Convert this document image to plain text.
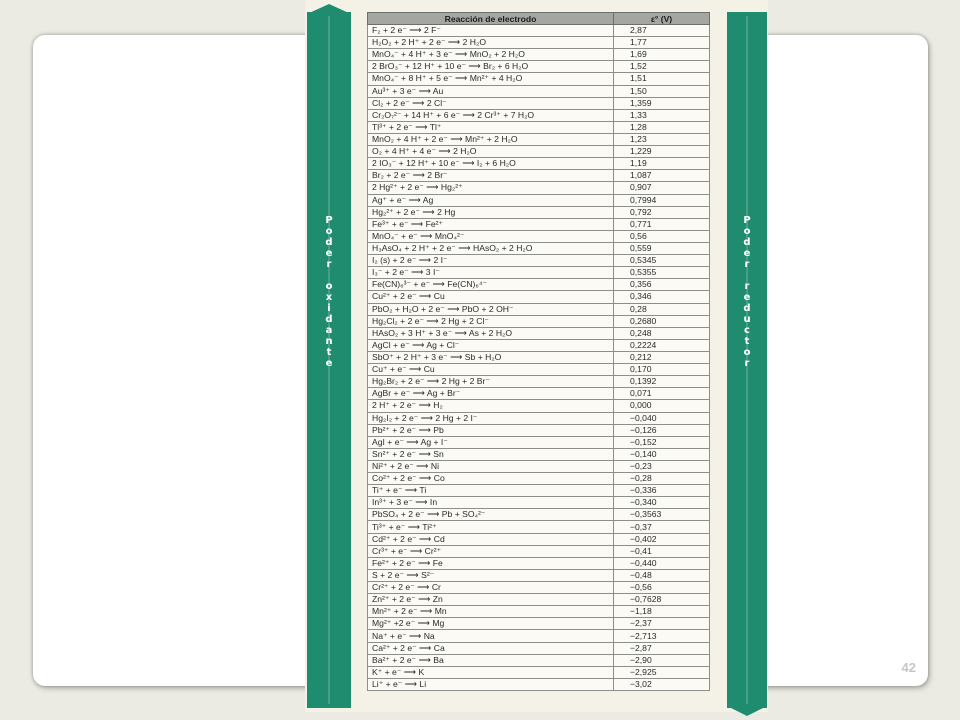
42
P
o
d
e
r

o
x
i
d
a
n
t
e
P
o
d
e
r

r
e
d
u
c
t
o
r
Reacción de electrodo	ε° (V)
F₂ + 2 e⁻ ⟶ 2 F⁻	2,87
H₂O₂ + 2 H⁺ + 2 e⁻ ⟶ 2 H₂O	1,77
MnO₄⁻ + 4 H⁺ + 3 e⁻ ⟶ MnO₂ + 2 H₂O	1,69
2 BrO₃⁻ + 12 H⁺ + 10 e⁻ ⟶ Br₂ + 6 H₂O	1,52
MnO₄⁻ + 8 H⁺ + 5 e⁻ ⟶ Mn²⁺ + 4 H₂O	1,51
Au³⁺ + 3 e⁻ ⟶ Au	1,50
Cl₂ + 2 e⁻ ⟶ 2 Cl⁻	1,359
Cr₂O₇²⁻ + 14 H⁺ + 6 e⁻ ⟶ 2 Cr³⁺ + 7 H₂O	1,33
Tl³⁺ + 2 e⁻ ⟶ Tl⁺	1,28
MnO₂ + 4 H⁺ + 2 e⁻ ⟶ Mn²⁺ + 2 H₂O	1,23
O₂ + 4 H⁺ + 4 e⁻ ⟶ 2 H₂O	1,229
2 IO₃⁻ + 12 H⁺ + 10 e⁻ ⟶ I₂ + 6 H₂O	1,19
Br₂ + 2 e⁻ ⟶ 2 Br⁻	1,087
2 Hg²⁺ + 2 e⁻ ⟶ Hg₂²⁺	0,907
Ag⁺ + e⁻ ⟶ Ag	0,7994
Hg₂²⁺ + 2 e⁻ ⟶ 2 Hg	0,792
Fe³⁺ + e⁻ ⟶ Fe²⁺	0,771
MnO₄⁻ + e⁻ ⟶ MnO₄²⁻	0,56
H₃AsO₄ + 2 H⁺ + 2 e⁻ ⟶ HAsO₂ + 2 H₂O	0,559
I₂ (s) + 2 e⁻ ⟶ 2 I⁻	0,5345
I₃⁻ + 2 e⁻ ⟶ 3 I⁻	0,5355
Fe(CN)₆³⁻ + e⁻ ⟶ Fe(CN)₆⁴⁻	0,356
Cu²⁺ + 2 e⁻ ⟶ Cu	0,346
PbO₂ + H₂O + 2 e⁻ ⟶ PbO + 2 OH⁻	0,28
Hg₂Cl₂ + 2 e⁻ ⟶ 2 Hg + 2 Cl⁻	0,2680
HAsO₂ + 3 H⁺ + 3 e⁻ ⟶ As + 2 H₂O	0,248
AgCl + e⁻ ⟶ Ag + Cl⁻	0,2224
SbO⁺ + 2 H⁺ + 3 e⁻ ⟶ Sb + H₂O	0,212
Cu⁺ + e⁻ ⟶ Cu	0,170
Hg₂Br₂ + 2 e⁻ ⟶ 2 Hg + 2 Br⁻	0,1392
AgBr + e⁻ ⟶ Ag + Br⁻	0,071
2 H⁺ + 2 e⁻ ⟶ H₂	0,000
Hg₂I₂ + 2 e⁻ ⟶ 2 Hg + 2 I⁻	−0,040
Pb²⁺ + 2 e⁻ ⟶ Pb	−0,126
AgI + e⁻ ⟶ Ag + I⁻	−0,152
Sn²⁺ + 2 e⁻ ⟶ Sn	−0,140
Ni²⁺ + 2 e⁻ ⟶ Ni	−0,23
Co²⁺ + 2 e⁻ ⟶ Co	−0,28
Ti⁺ + e⁻ ⟶ Ti	−0,336
In³⁺ + 3 e⁻ ⟶ In	−0,340
PbSO₄ + 2 e⁻ ⟶ Pb + SO₄²⁻	−0,3563
Ti³⁺ + e⁻ ⟶ Ti²⁺	−0,37
Cd²⁺ + 2 e⁻ ⟶ Cd	−0,402
Cr³⁺ + e⁻ ⟶ Cr²⁺	−0,41
Fe²⁺ + 2 e⁻ ⟶ Fe	−0,440
S + 2 e⁻ ⟶ S²⁻	−0,48
Cr²⁺ + 2 e⁻ ⟶ Cr	−0,56
Zn²⁺ + 2 e⁻ ⟶ Zn	−0,7628
Mn²⁺ + 2 e⁻ ⟶ Mn	−1,18
Mg²⁺ +2 e⁻ ⟶ Mg	−2,37
Na⁺ + e⁻ ⟶ Na	−2,713
Ca²⁺ + 2 e⁻ ⟶ Ca	−2,87
Ba²⁺ + 2 e⁻ ⟶ Ba	−2,90
K⁺ + e⁻ ⟶ K	−2,925
Li⁺ + e⁻ ⟶ Li	−3,02
